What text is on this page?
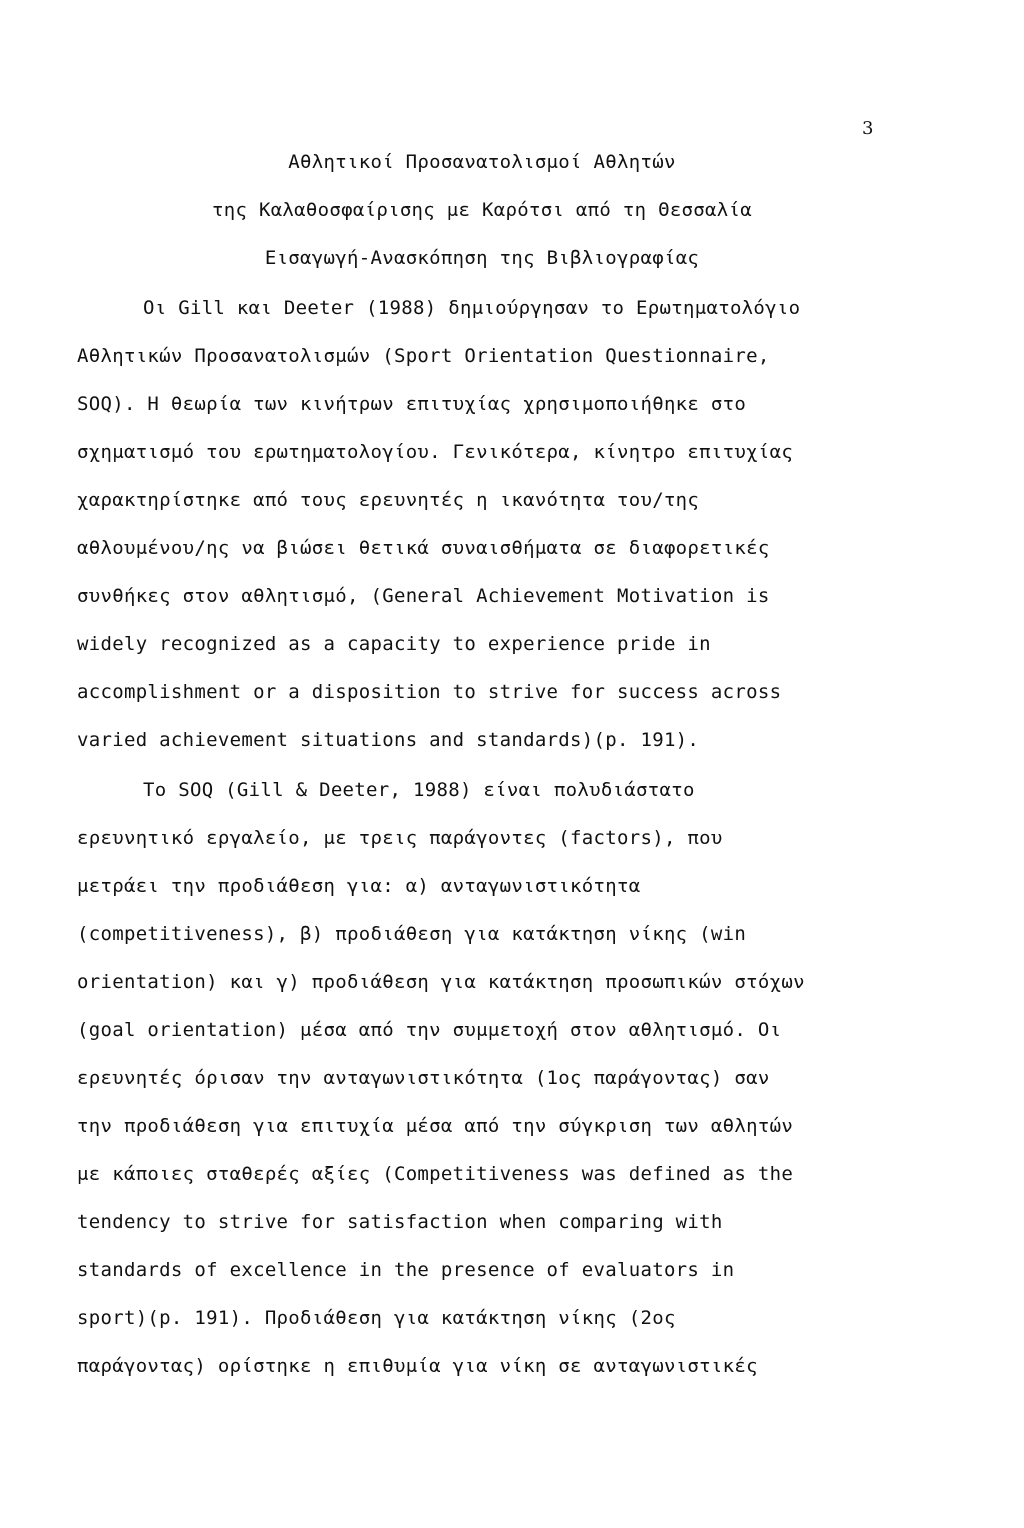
3
Αθλητικοί Προσανατολισμοί Αθλητών
της Καλαθοσφαίρισης με Καρότσι από τη Θεσσαλία
Εισαγωγή-Ανασκόπηση της Βιβλιογραφίας
Οι Gill και Deeter (1988) δημιούργησαν το Ερωτηματολόγιο
Αθλητικών Προσανατολισμών (Sport Orientation Questionnaire,
SOQ). Η θεωρία των κινήτρων επιτυχίας χρησιμοποιήθηκε στο
σχηματισμό του ερωτηματολογίου. Γενικότερα, κίνητρο επιτυχίας
χαρακτηρίστηκε από τους ερευνητές η ικανότητα του/της
αθλουμένου/ης να βιώσει θετικά συναισθήματα σε διαφορετικές
συνθήκες στον αθλητισμό, (General Achievement Motivation is
widely recognized as a capacity to experience pride in
accomplishment or a disposition to strive for success across
varied achievement situations and standards)(p. 191).
Το SOQ (Gill & Deeter, 1988) είναι πολυδιάστατο
ερευνητικό εργαλείο, με τρεις παράγοντες (factors), που
μετράει την προδιάθεση για: α) ανταγωνιστικότητα
(competitiveness), β) προδιάθεση για κατάκτηση νίκης (win
orientation) και γ) προδιάθεση για κατάκτηση προσωπικών στόχων
(goal orientation) μέσα από την συμμετοχή στον αθλητισμό. Οι
ερευνητές όρισαν την ανταγωνιστικότητα (1ος παράγοντας) σαν
την προδιάθεση για επιτυχία μέσα από την σύγκριση των αθλητών
με κάποιες σταθερές αξίες (Competitiveness was defined as the
tendency to strive for satisfaction when comparing with
standards of excellence in the presence of evaluators in
sport)(p. 191). Προδιάθεση για κατάκτηση νίκης (2ος
παράγοντας) ορίστηκε η επιθυμία για νίκη σε ανταγωνιστικές
